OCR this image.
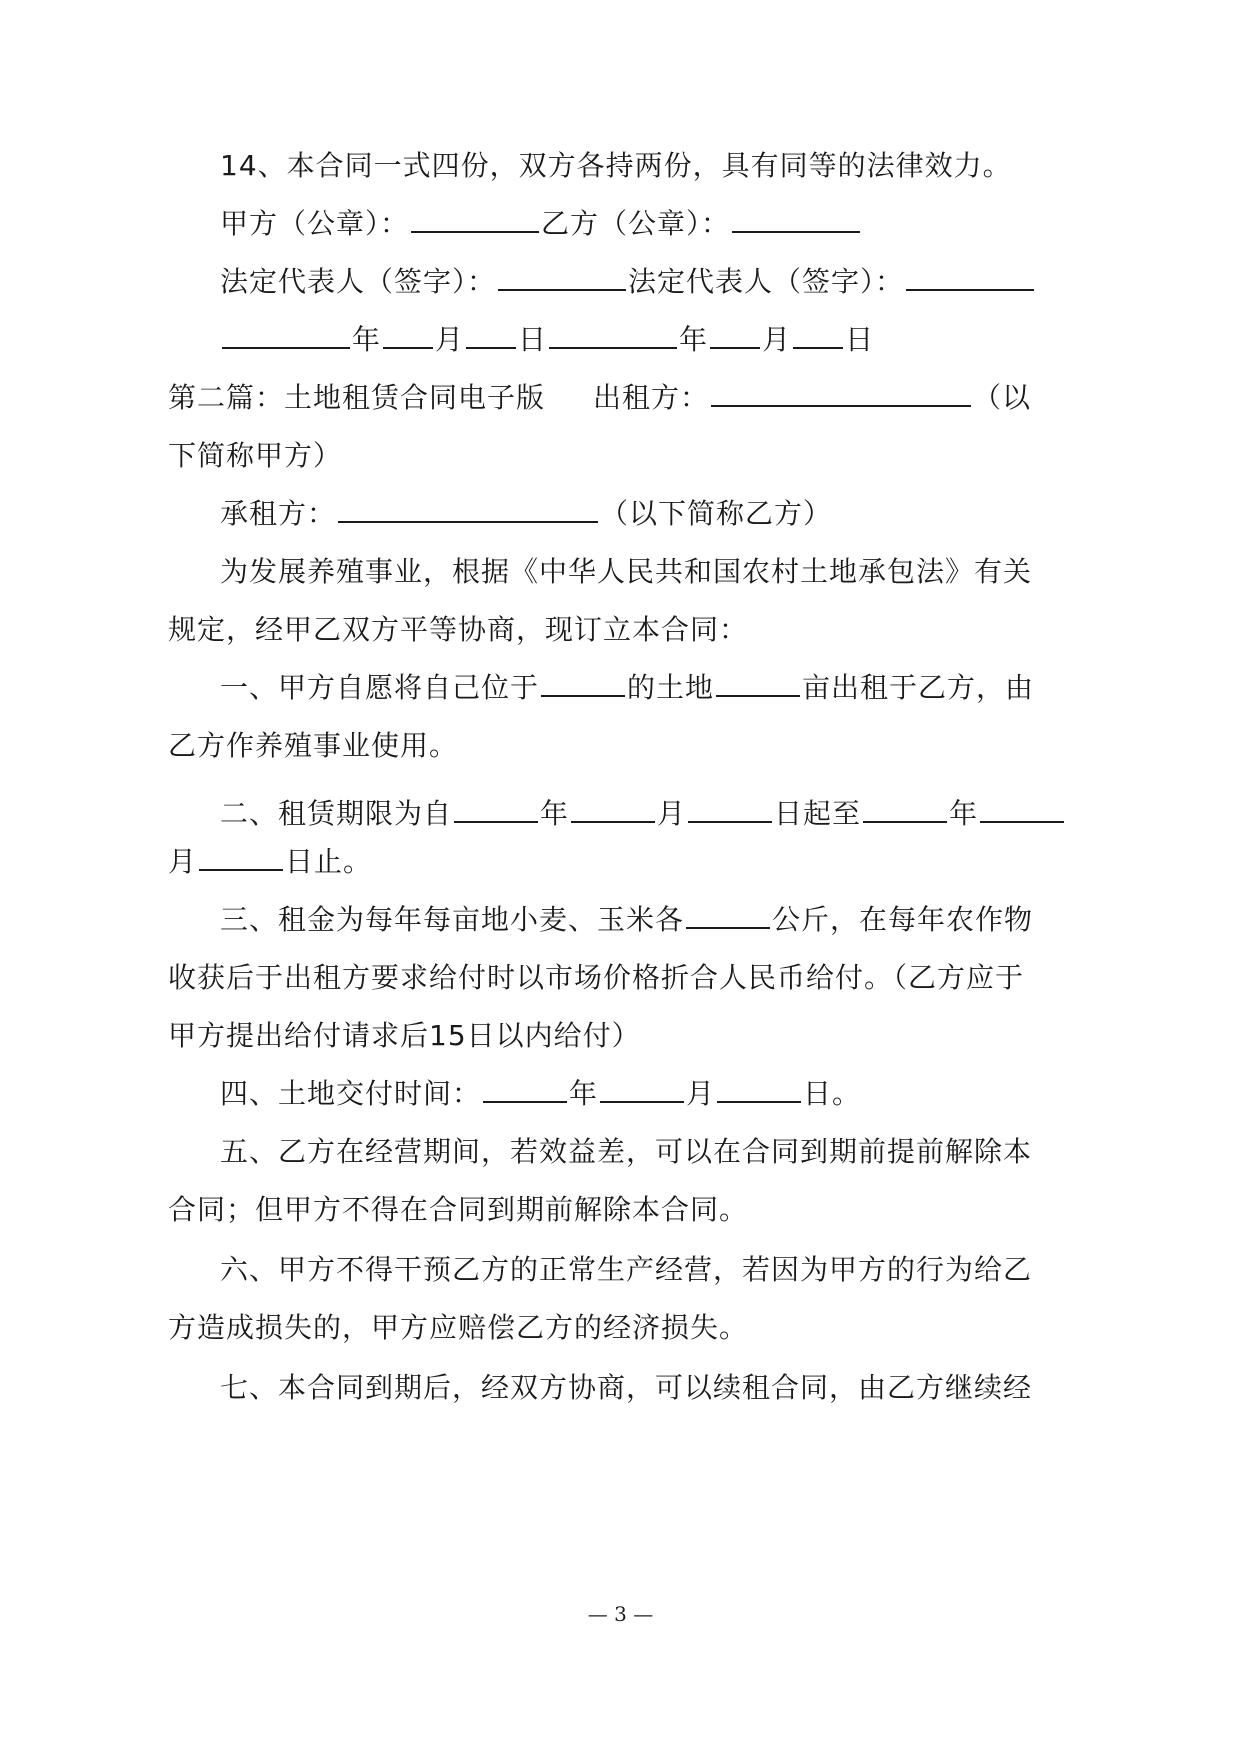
14、本合同一式四份，双方各持两份，具有同等的法律效力。
甲方（公章）：	乙方（公章）：
法定代表人（签字）：	法定代表人（签字）：
年 月 日	年 月 日
第二篇：土地租赁合同电子版 出租方：	（以
下简称甲方）
承租方：	（以下简称乙方）
为发展养殖事业，根据《中华人民共和国农村土地承包法》有关
规定，经甲乙双方平等协商，现订立本合同：
一、甲方自愿将自己位于	的土地	亩出租于乙方，由
乙方作养殖事业使用。
二、租赁期限为自	年	月	日起至	年
月	日止。
三、租金为每年每亩地小麦、玉米各	公斤，在每年农作物
收获后于出租方要求给付时以市场价格折合人民币给付。（乙方应于
甲方提出给付请求后15日以内给付）
四、土地交付时间：	年	月	日。
五、乙方在经营期间，若效益差，可以在合同到期前提前解除本
合同；但甲方不得在合同到期前解除本合同。
六、甲方不得干预乙方的正常生产经营，若因为甲方的行为给乙
方造成损失的，甲方应赔偿乙方的经济损失。
七、本合同到期后，经双方协商，可以续租合同，由乙方继续经
— 3 —
